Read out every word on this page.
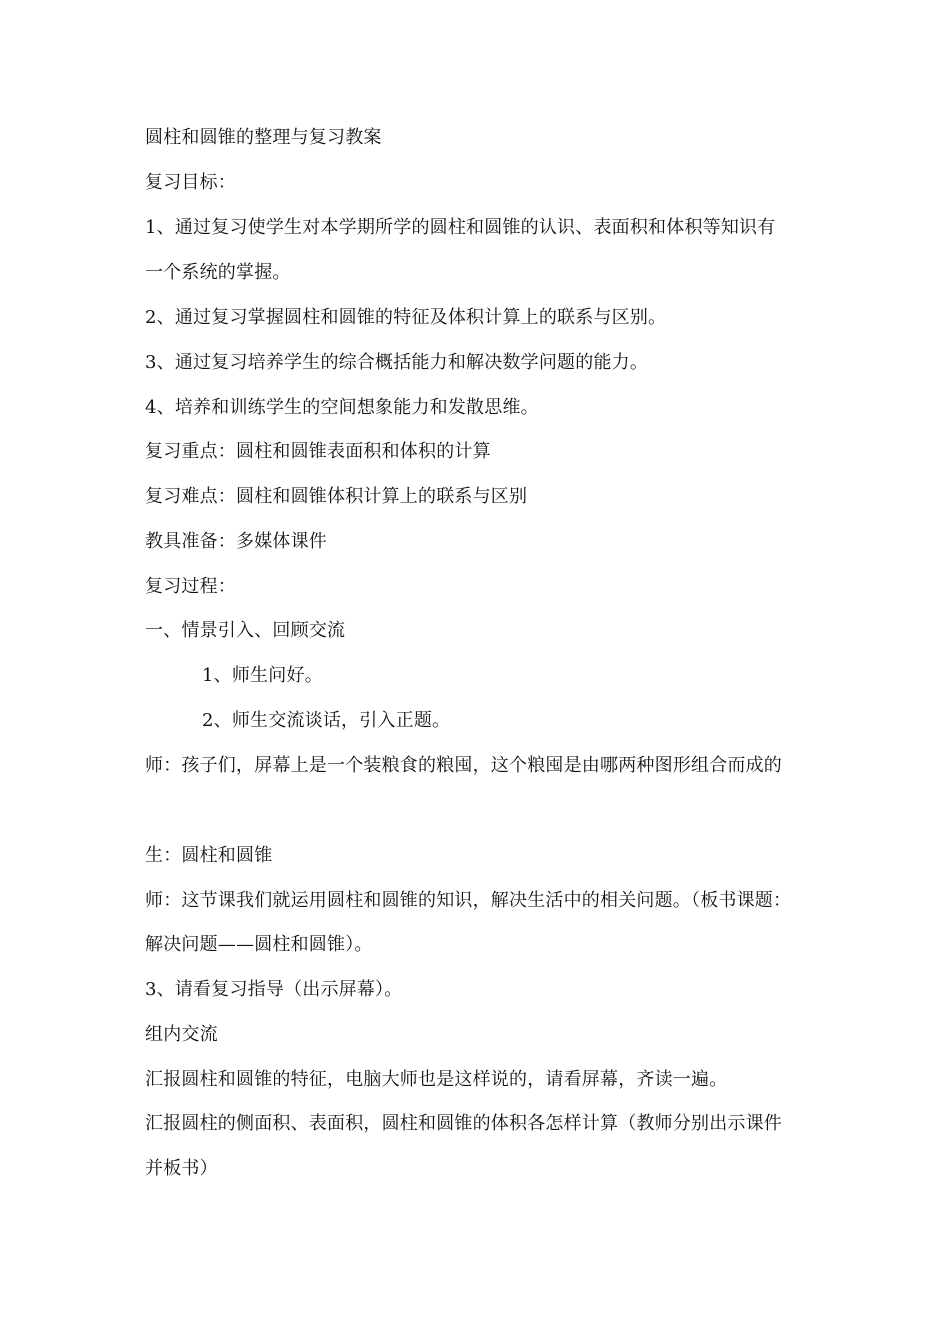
圆柱和圆锥的整理与复习教案
复习目标：
1、通过复习使学生对本学期所学的圆柱和圆锥的认识、表面积和体积等知识有
一个系统的掌握。
2、通过复习掌握圆柱和圆锥的特征及体积计算上的联系与区别。
3、通过复习培养学生的综合概括能力和解决数学问题的能力。
4、培养和训练学生的空间想象能力和发散思维。
复习重点：圆柱和圆锥表面积和体积的计算
复习难点：圆柱和圆锥体积计算上的联系与区别
教具准备：多媒体课件
复习过程：
一、情景引入、回顾交流
1、师生问好。
2、师生交流谈话，引入正题。
师：孩子们，屏幕上是一个装粮食的粮囤，这个粮囤是由哪两种图形组合而成的
生：圆柱和圆锥
师：这节课我们就运用圆柱和圆锥的知识，解决生活中的相关问题。（板书课题：
解决问题——圆柱和圆锥）。
3、请看复习指导（出示屏幕）。
组内交流
汇报圆柱和圆锥的特征，电脑大师也是这样说的，请看屏幕，齐读一遍。
汇报圆柱的侧面积、表面积，圆柱和圆锥的体积各怎样计算（教师分别出示课件
并板书）
